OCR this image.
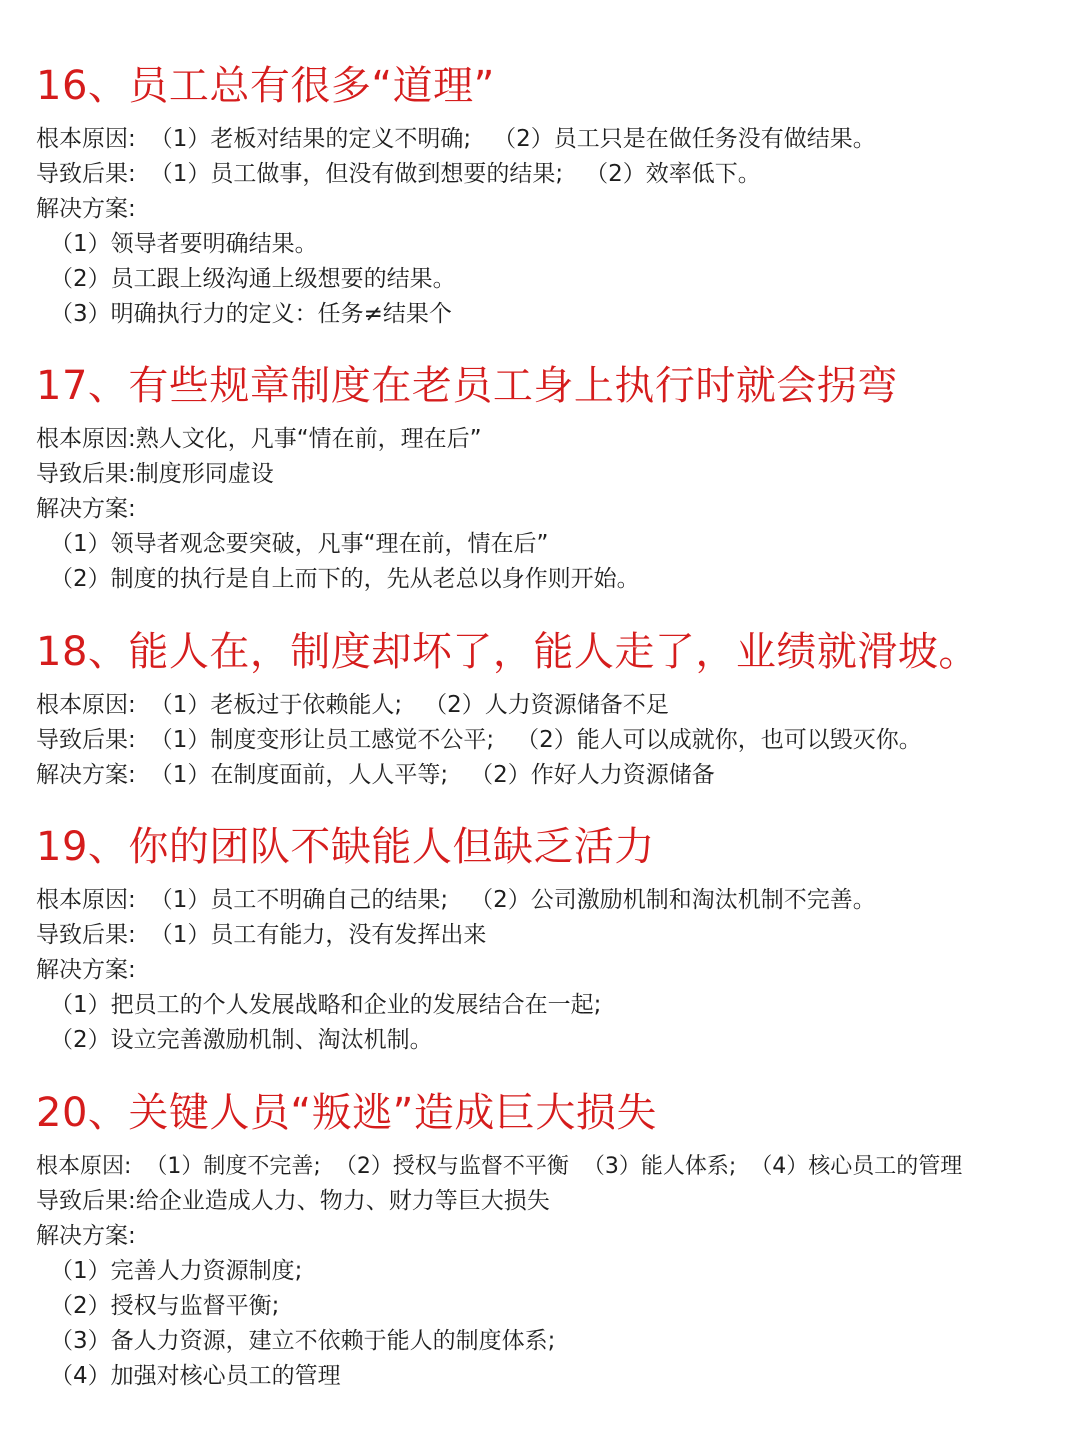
16、员工总有很多“道理”
根本原因: （1）老板对结果的定义不明确; （2）员工只是在做任务没有做结果。
导致后果: （1）员工做事，但没有做到想要的结果; （2）效率低下。
解决方案:
（1）领导者要明确结果。
（2）员工跟上级沟通上级想要的结果。
（3）明确执行力的定义：任务≠结果个
17、有些规章制度在老员工身上执行时就会拐弯
根本原因:熟人文化，凡事“情在前，理在后”
导致后果:制度形同虚设
解决方案:
（1）领导者观念要突破，凡事“理在前，情在后”
（2）制度的执行是自上而下的，先从老总以身作则开始。
18、能人在，制度却坏了，能人走了，业绩就滑坡。
根本原因: （1）老板过于依赖能人; （2）人力资源储备不足
导致后果: （1）制度变形让员工感觉不公平; （2）能人可以成就你，也可以毁灭你。
解决方案: （1）在制度面前，人人平等; （2）作好人力资源储备
19、你的团队不缺能人但缺乏活力
根本原因: （1）员工不明确自己的结果; （2）公司激励机制和淘汰机制不完善。
导致后果: （1）员工有能力，没有发挥出来
解决方案:
（1）把员工的个人发展战略和企业的发展结合在一起;
（2）设立完善激励机制、淘汰机制。
20、关键人员“叛逃”造成巨大损失
根本原因: （1）制度不完善; （2）授权与监督不平衡 （3）能人体系; （4）核心员工的管理
导致后果:给企业造成人力、物力、财力等巨大损失
解决方案:
（1）完善人力资源制度;
（2）授权与监督平衡;
（3）备人力资源，建立不依赖于能人的制度体系;
（4）加强对核心员工的管理
